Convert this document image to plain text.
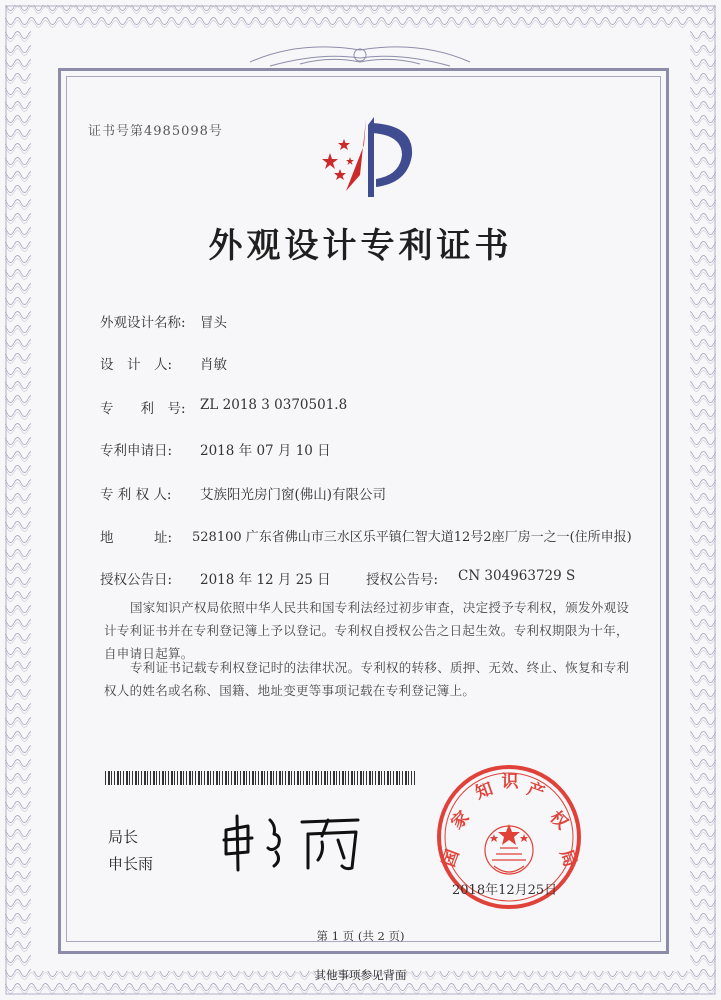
证书号第4985098号
外观设计专利证书
外观设计名称: 冒头
设　计　人: 肖敏
专　　利　号: ZL 2018 3 0370501.8
专利申请日: 2018 年 07 月 10 日
专 利 权 人: 艾族阳光房门窗(佛山)有限公司
地　　　址: 528100 广东省佛山市三水区乐平镇仁智大道12号2座厂房一之一(住所申报)
授权公告日: 2018 年 12 月 25 日	授权公告号: CN 304963729 S
国家知识产权局依照中华人民共和国专利法经过初步审查，决定授予专利权，颁发外观设计专利证书并在专利登记簿上予以登记。专利权自授权公告之日起生效。专利权期限为十年，自申请日起算。
专利证书记载专利权登记时的法律状况。专利权的转移、质押、无效、终止、恢复和专利权人的姓名或名称、国籍、地址变更等事项记载在专利登记簿上。
局长
申长雨	国
家
知 识 产
权
局
2018年12月25日
第 1 页 (共 2 页)
其他事项参见背面
